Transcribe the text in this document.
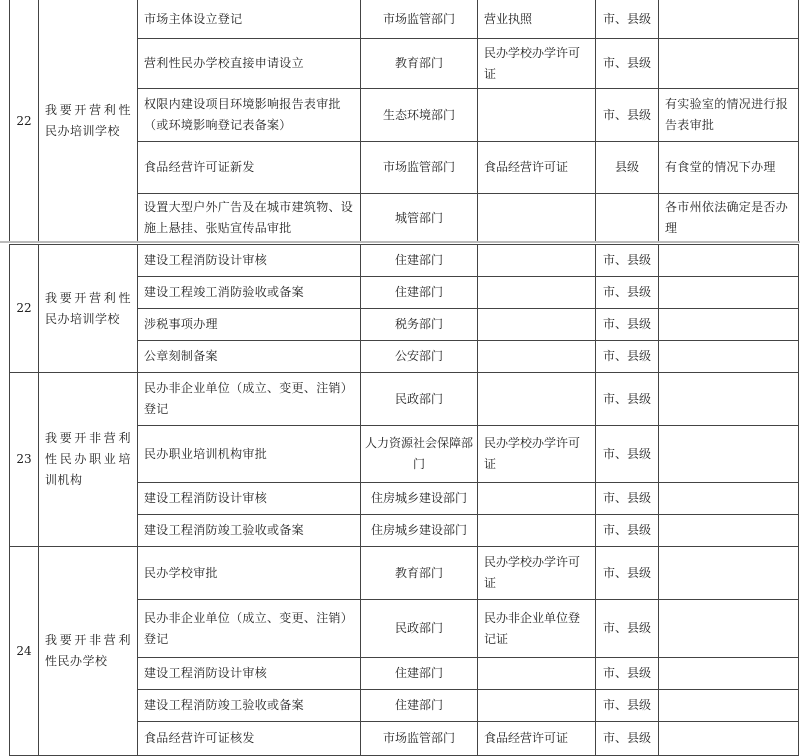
22	我要开营利性民办培训学校	市场主体设立登记	市场监管部门	营业执照	市、县级	
		营利性民办学校直接申请设立	教育部门	民办学校办学许可证	市、县级	
		权限内建设项目环境影响报告表审批（或环境影响登记表备案）	生态环境部门		市、县级	有实验室的情况进行报告表审批
		食品经营许可证新发	市场监管部门	食品经营许可证	县级	有食堂的情况下办理
		设置大型户外广告及在城市建筑物、设施上悬挂、张贴宣传品审批	城管部门			各市州依法确定是否办理
22	我要开营利性民办培训学校	建设工程消防设计审核	住建部门		市、县级	
		建设工程竣工消防验收或备案	住建部门		市、县级	
		涉税事项办理	税务部门		市、县级	
		公章刻制备案	公安部门		市、县级	
23	我要开非营利性民办职业培训机构	民办非企业单位（成立、变更、注销）登记	民政部门		市、县级	
		民办职业培训机构审批	人力资源社会保障部门	民办学校办学许可证	市、县级	
		建设工程消防设计审核	住房城乡建设部门		市、县级	
		建设工程消防竣工验收或备案	住房城乡建设部门		市、县级	
24	我要开非营利性民办学校	民办学校审批	教育部门	民办学校办学许可证	市、县级	
		民办非企业单位（成立、变更、注销）登记	民政部门	民办非企业单位登记证	市、县级	
		建设工程消防设计审核	住建部门		市、县级	
		建设工程消防竣工验收或备案	住建部门		市、县级	
		食品经营许可证核发	市场监管部门	食品经营许可证	市、县级	
